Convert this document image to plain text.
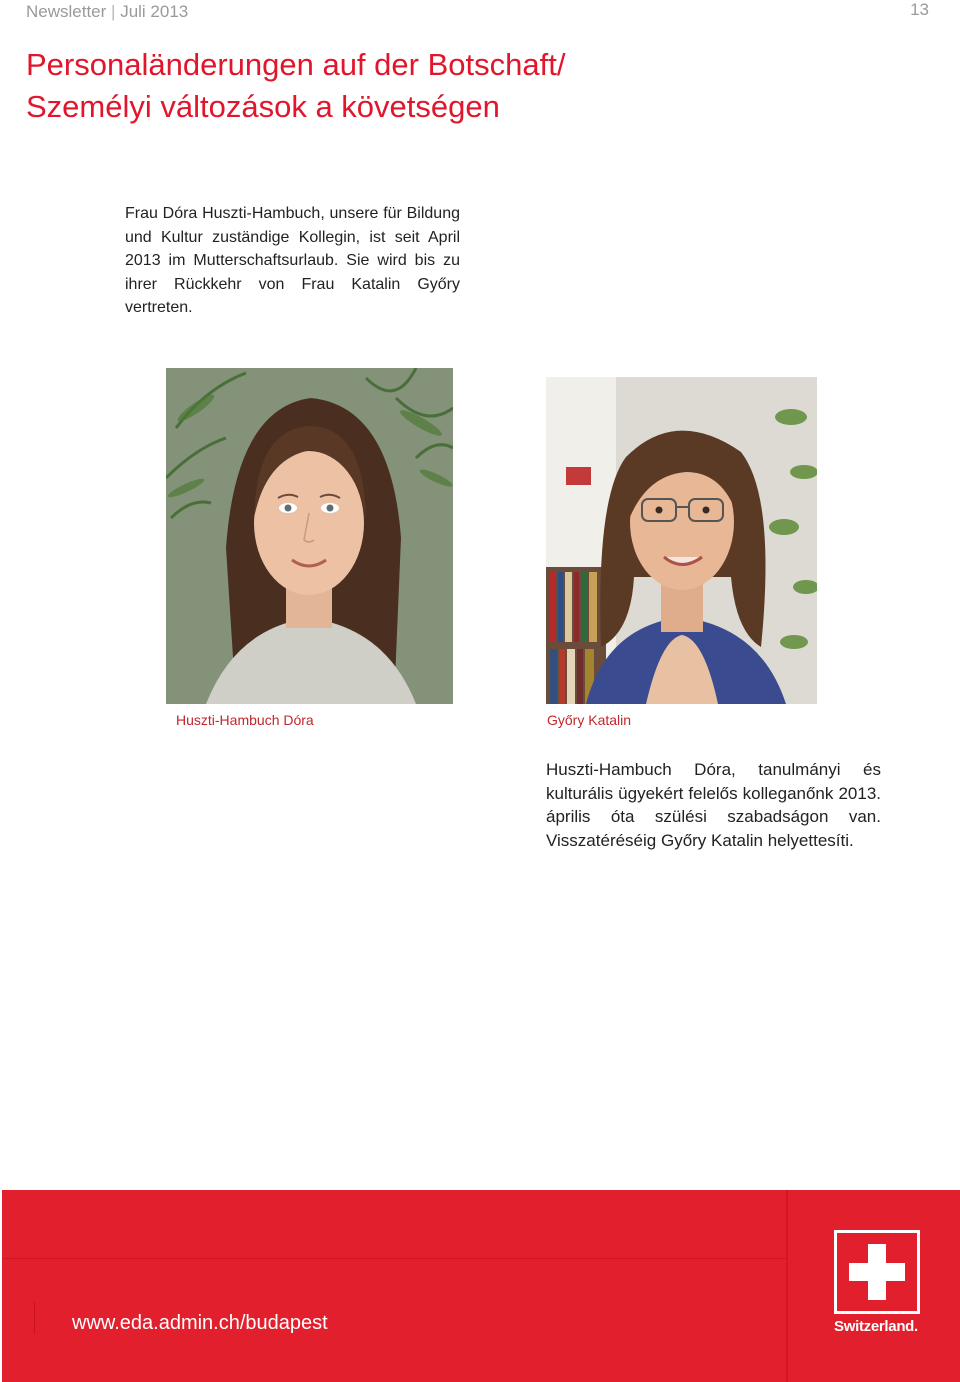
Newsletter | Juli 2013	13
Personaländerungen auf der Botschaft/
Személyi változások a követségen
Frau Dóra Huszti-Hambuch, unsere für Bildung und Kultur zuständige Kollegin, ist seit April 2013 im Mutterschaftsurlaub. Sie wird bis zu ihrer Rückkehr von Frau Katalin Győry vertreten.
Huszti-Hambuch Dóra	Győry Katalin
Huszti-Hambuch Dóra, tanulmányi és kulturális ügyekért felelős kolleganőnk 2013. április óta szülési szabadságon van. Visszatéréséig Győry Katalin helyettesíti.
www.eda.admin.ch/budapest	Switzerland.
